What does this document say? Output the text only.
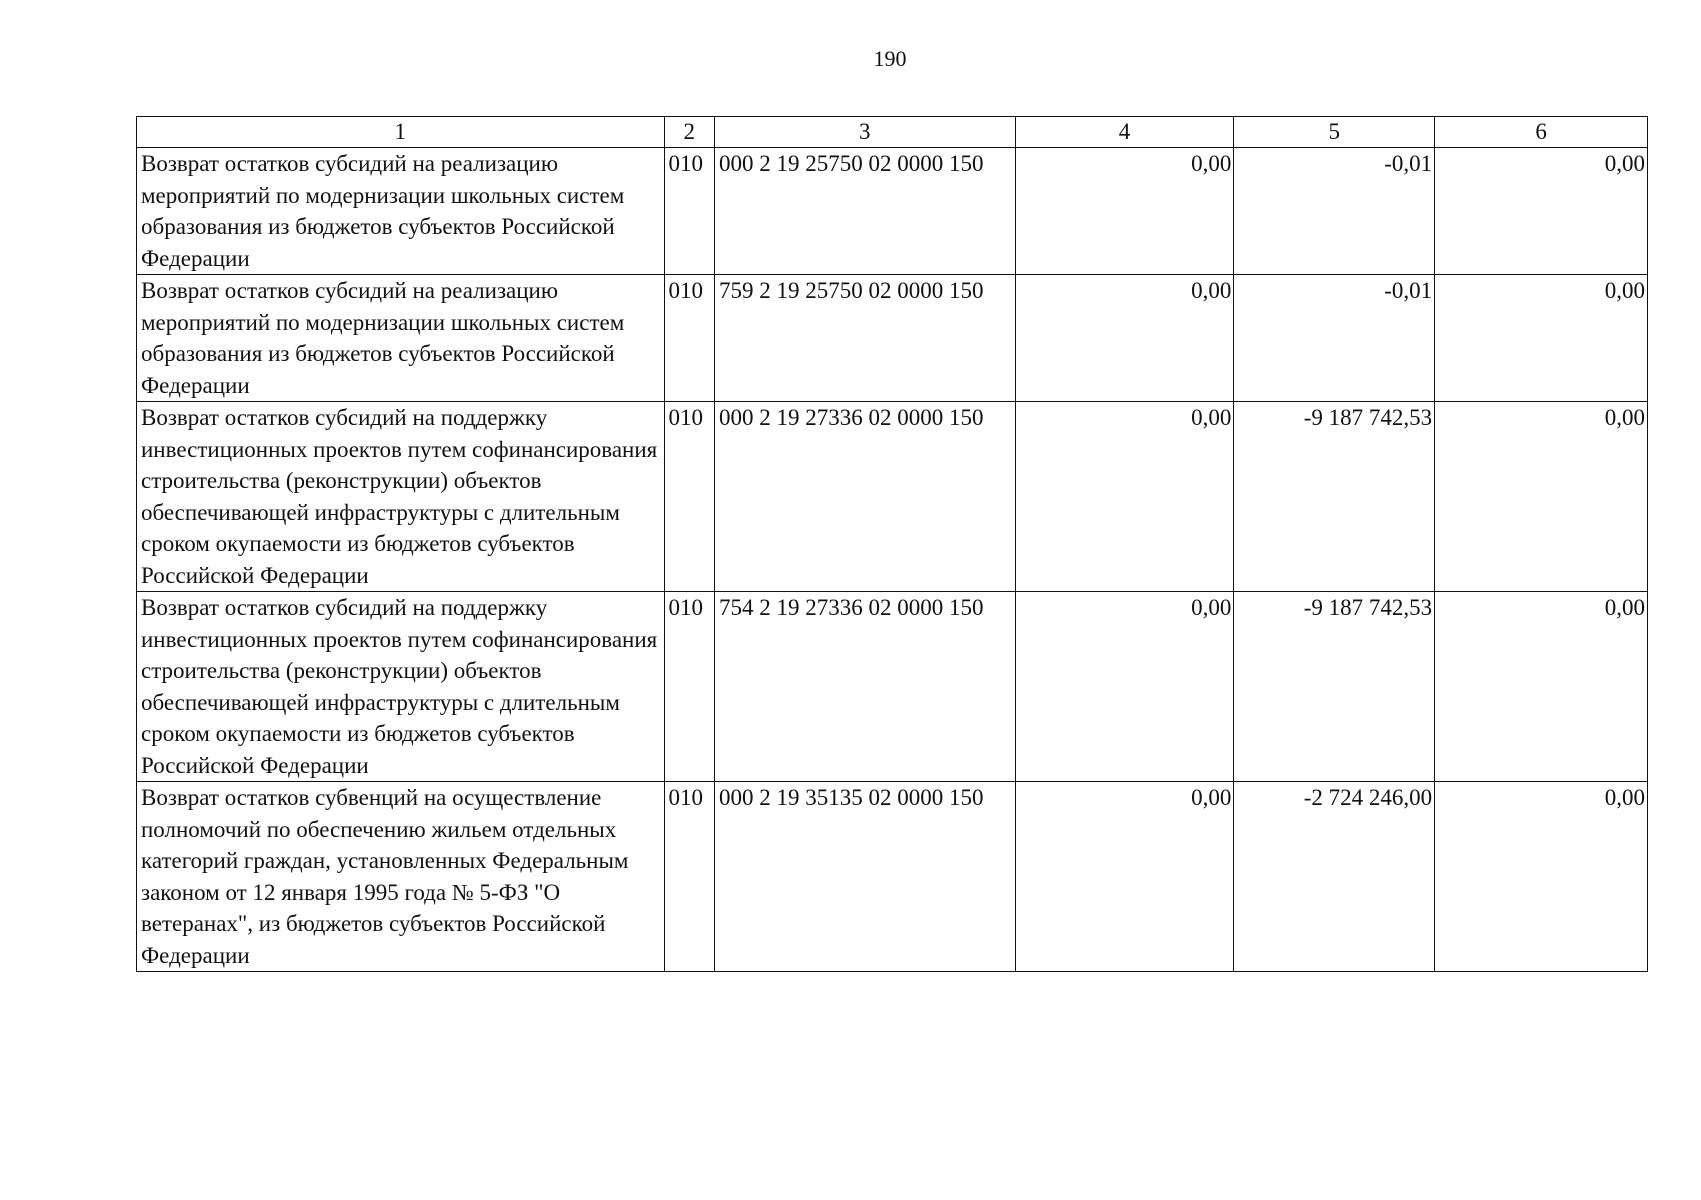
190
1	2	3	4	5	6
Возврат остатков субсидий на реализацию мероприятий по модернизации школьных систем образования из бюджетов субъектов Российской Федерации	010	000 2 19 25750 02 0000 150	0,00	-0,01	0,00
Возврат остатков субсидий на реализацию мероприятий по модернизации школьных систем образования из бюджетов субъектов Российской Федерации	010	759 2 19 25750 02 0000 150	0,00	-0,01	0,00
Возврат остатков субсидий на поддержку инвестиционных проектов путем софинансирования строительства (реконструкции) объектов обеспечивающей инфраструктуры с длительным сроком окупаемости из бюджетов субъектов Российской Федерации	010	000 2 19 27336 02 0000 150	0,00	-9 187 742,53	0,00
Возврат остатков субсидий на поддержку инвестиционных проектов путем софинансирования строительства (реконструкции) объектов обеспечивающей инфраструктуры с длительным сроком окупаемости из бюджетов субъектов Российской Федерации	010	754 2 19 27336 02 0000 150	0,00	-9 187 742,53	0,00
Возврат остатков субвенций на осуществление полномочий по обеспечению жильем отдельных категорий граждан, установленных Федеральным законом от 12 января 1995 года № 5-ФЗ "О ветеранах", из бюджетов субъектов Российской Федерации	010	000 2 19 35135 02 0000 150	0,00	-2 724 246,00	0,00
